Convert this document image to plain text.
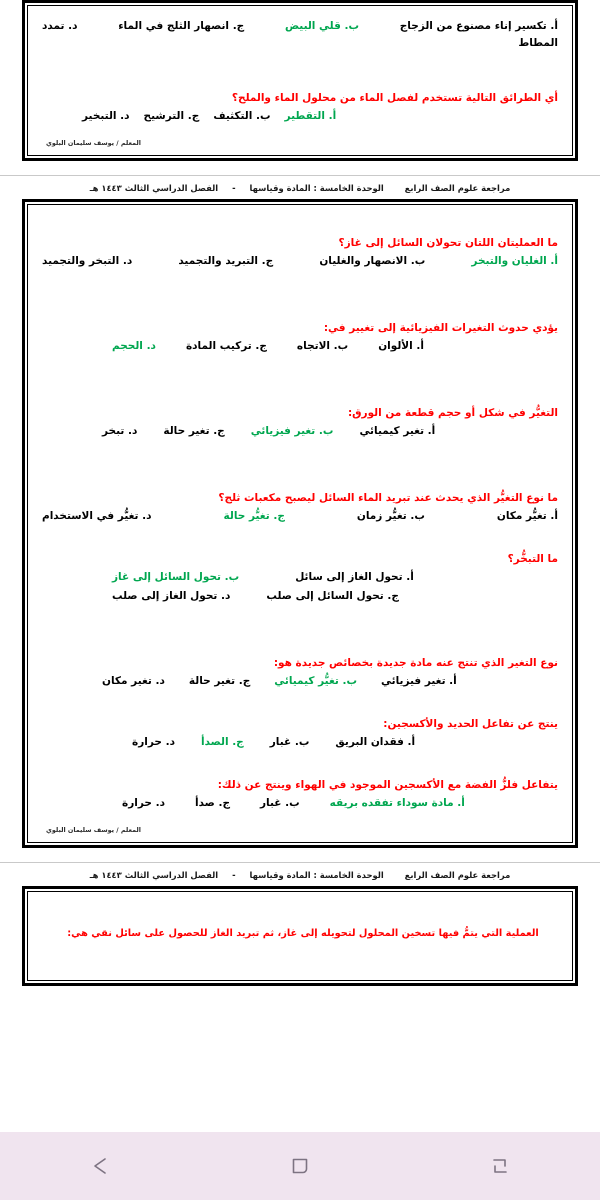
أ. تكسير إناء مصنوع من الزجاج
ب. قلي البيض
ج. انصهار الثلج في الماء
د. تمدد
المطاط
أي الطرائق التالية تستخدم لفصل الماء من محلول الماء والملح؟
أ. التقطير
ب. التكثيف
ج. الترشيح
د. التبخير
المعلم / يوسف سليمان البلوي
مراجعة علوم الصف الرابع الوحدة الخامسة : المادة وقياسها - الفصل الدراسي الثالث ١٤٤٣ هـ
ما العمليتان اللتان تحولان السائل إلى غاز؟
أ. الغليان والتبخر
ب. الانصهار والغليان
ج. التبريد والتجميد
د. التبخر والتجميد
يؤدي حدوث التغيرات الفيزيائية إلى تغيير في:
أ. الألوان
ب. الاتجاه
ج. تركيب المادة
د. الحجم
التغيُّر في شكل أو حجم قطعة من الورق:
أ. تغير كيميائي
ب. تغير فيزيائي
ج. تغير حالة
د. تبخر
ما نوع التغيُّر الذي يحدث عند تبريد الماء السائل ليصبح مكعبات ثلج؟
أ. تغيُّر مكان
ب. تغيُّر زمان
ج. تغيُّر حالة
د. تغيُّر في الاستخدام
ما التبخُّر؟
أ. تحول الغاز إلى سائل
ب. تحول السائل إلى غاز
ج. تحول السائل إلى صلب
د. تحول الغاز إلى صلب
نوع التغير الذي تنتج عنه مادة جديدة بخصائص جديدة هو:
أ. تغير فيزيائي
ب. تغيُّر كيميائي
ج. تغير حالة
د. تغير مكان
ينتج عن تفاعل الحديد والأكسجين:
أ. فقدان البريق
ب. غبار
ج. الصدأ
د. حرارة
يتفاعل فلزُّ الفضة مع الأكسجين الموجود في الهواء وينتج عن ذلك:
أ. مادة سوداء تفقده بريقه
ب. غبار
ج. صدأ
د. حرارة
المعلم / يوسف سليمان البلوي
مراجعة علوم الصف الرابع الوحدة الخامسة : المادة وقياسها - الفصل الدراسي الثالث ١٤٤٣ هـ
العملية التي يتمُّ فيها تسخين المحلول لتحويله إلى غاز، ثم تبريد الغاز للحصول على سائل نقي هي:
